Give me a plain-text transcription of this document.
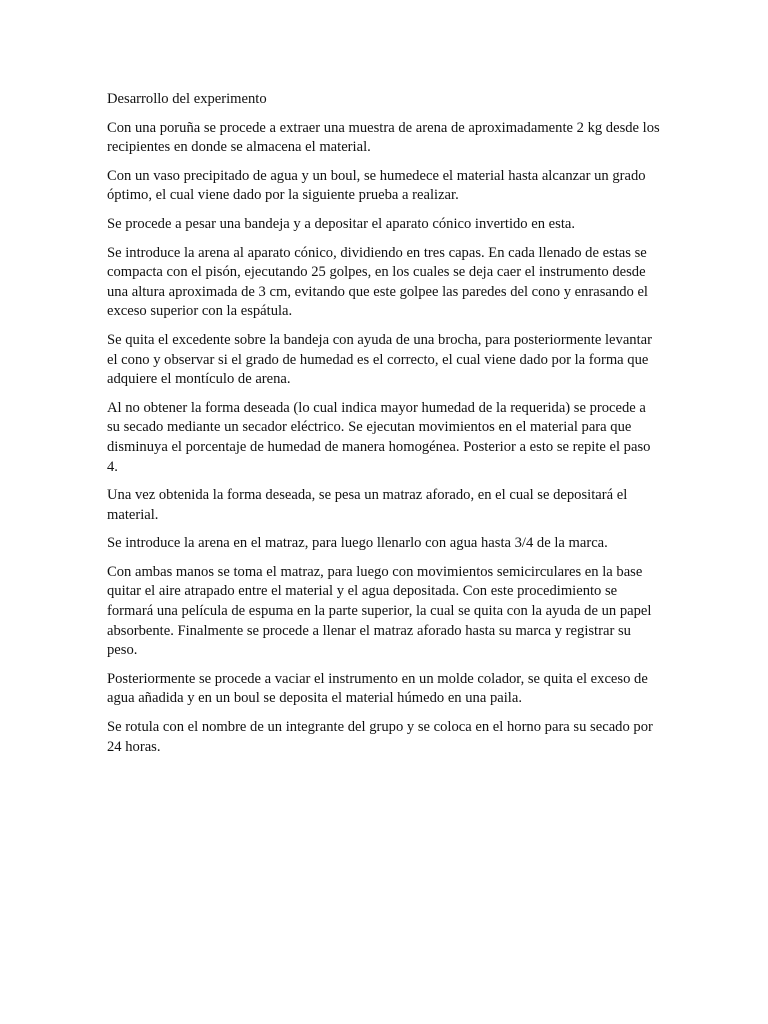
Desarrollo del experimento

Con una poruña se procede a extraer una muestra de arena de aproximadamente 2 kg desde los recipientes en donde se almacena el material.

Con un vaso precipitado de agua y un boul, se humedece el material hasta alcanzar un grado óptimo, el cual viene dado por la siguiente prueba a realizar.

Se procede a pesar una bandeja y a depositar el aparato cónico invertido en esta.

Se introduce la arena al aparato cónico, dividiendo en tres capas. En cada llenado de estas se compacta con el pisón, ejecutando 25 golpes, en los cuales se deja caer el instrumento desde una altura aproximada de 3 cm, evitando que este golpee las paredes del cono y enrasando el exceso superior con la espátula.

Se quita el excedente sobre la bandeja con ayuda de una brocha, para posteriormente levantar el cono y observar si el grado de humedad es el correcto, el cual viene dado por la forma que adquiere el montículo de arena.

Al no obtener la forma deseada (lo cual indica mayor humedad de la requerida) se procede a su secado mediante un secador eléctrico. Se ejecutan movimientos en el material para que disminuya el porcentaje de humedad de manera homogénea. Posterior a esto se repite el paso 4.

Una vez obtenida la forma deseada, se pesa un matraz aforado, en el cual se depositará el material.

Se introduce la arena en el matraz, para luego llenarlo con agua hasta 3/4 de la marca.

Con ambas manos se toma el matraz, para luego con movimientos semicirculares en la base quitar el aire atrapado entre el material y el agua depositada. Con este procedimiento se formará una película de espuma en la parte superior, la cual se quita con la ayuda de un papel absorbente. Finalmente se procede a llenar el matraz aforado hasta su marca y registrar su peso.

Posteriormente se procede a vaciar el instrumento en un molde colador, se quita el exceso de agua añadida y en un boul se deposita el material húmedo en una paila.

Se rotula con el nombre de un integrante del grupo y se coloca en el horno para su secado por 24 horas.
